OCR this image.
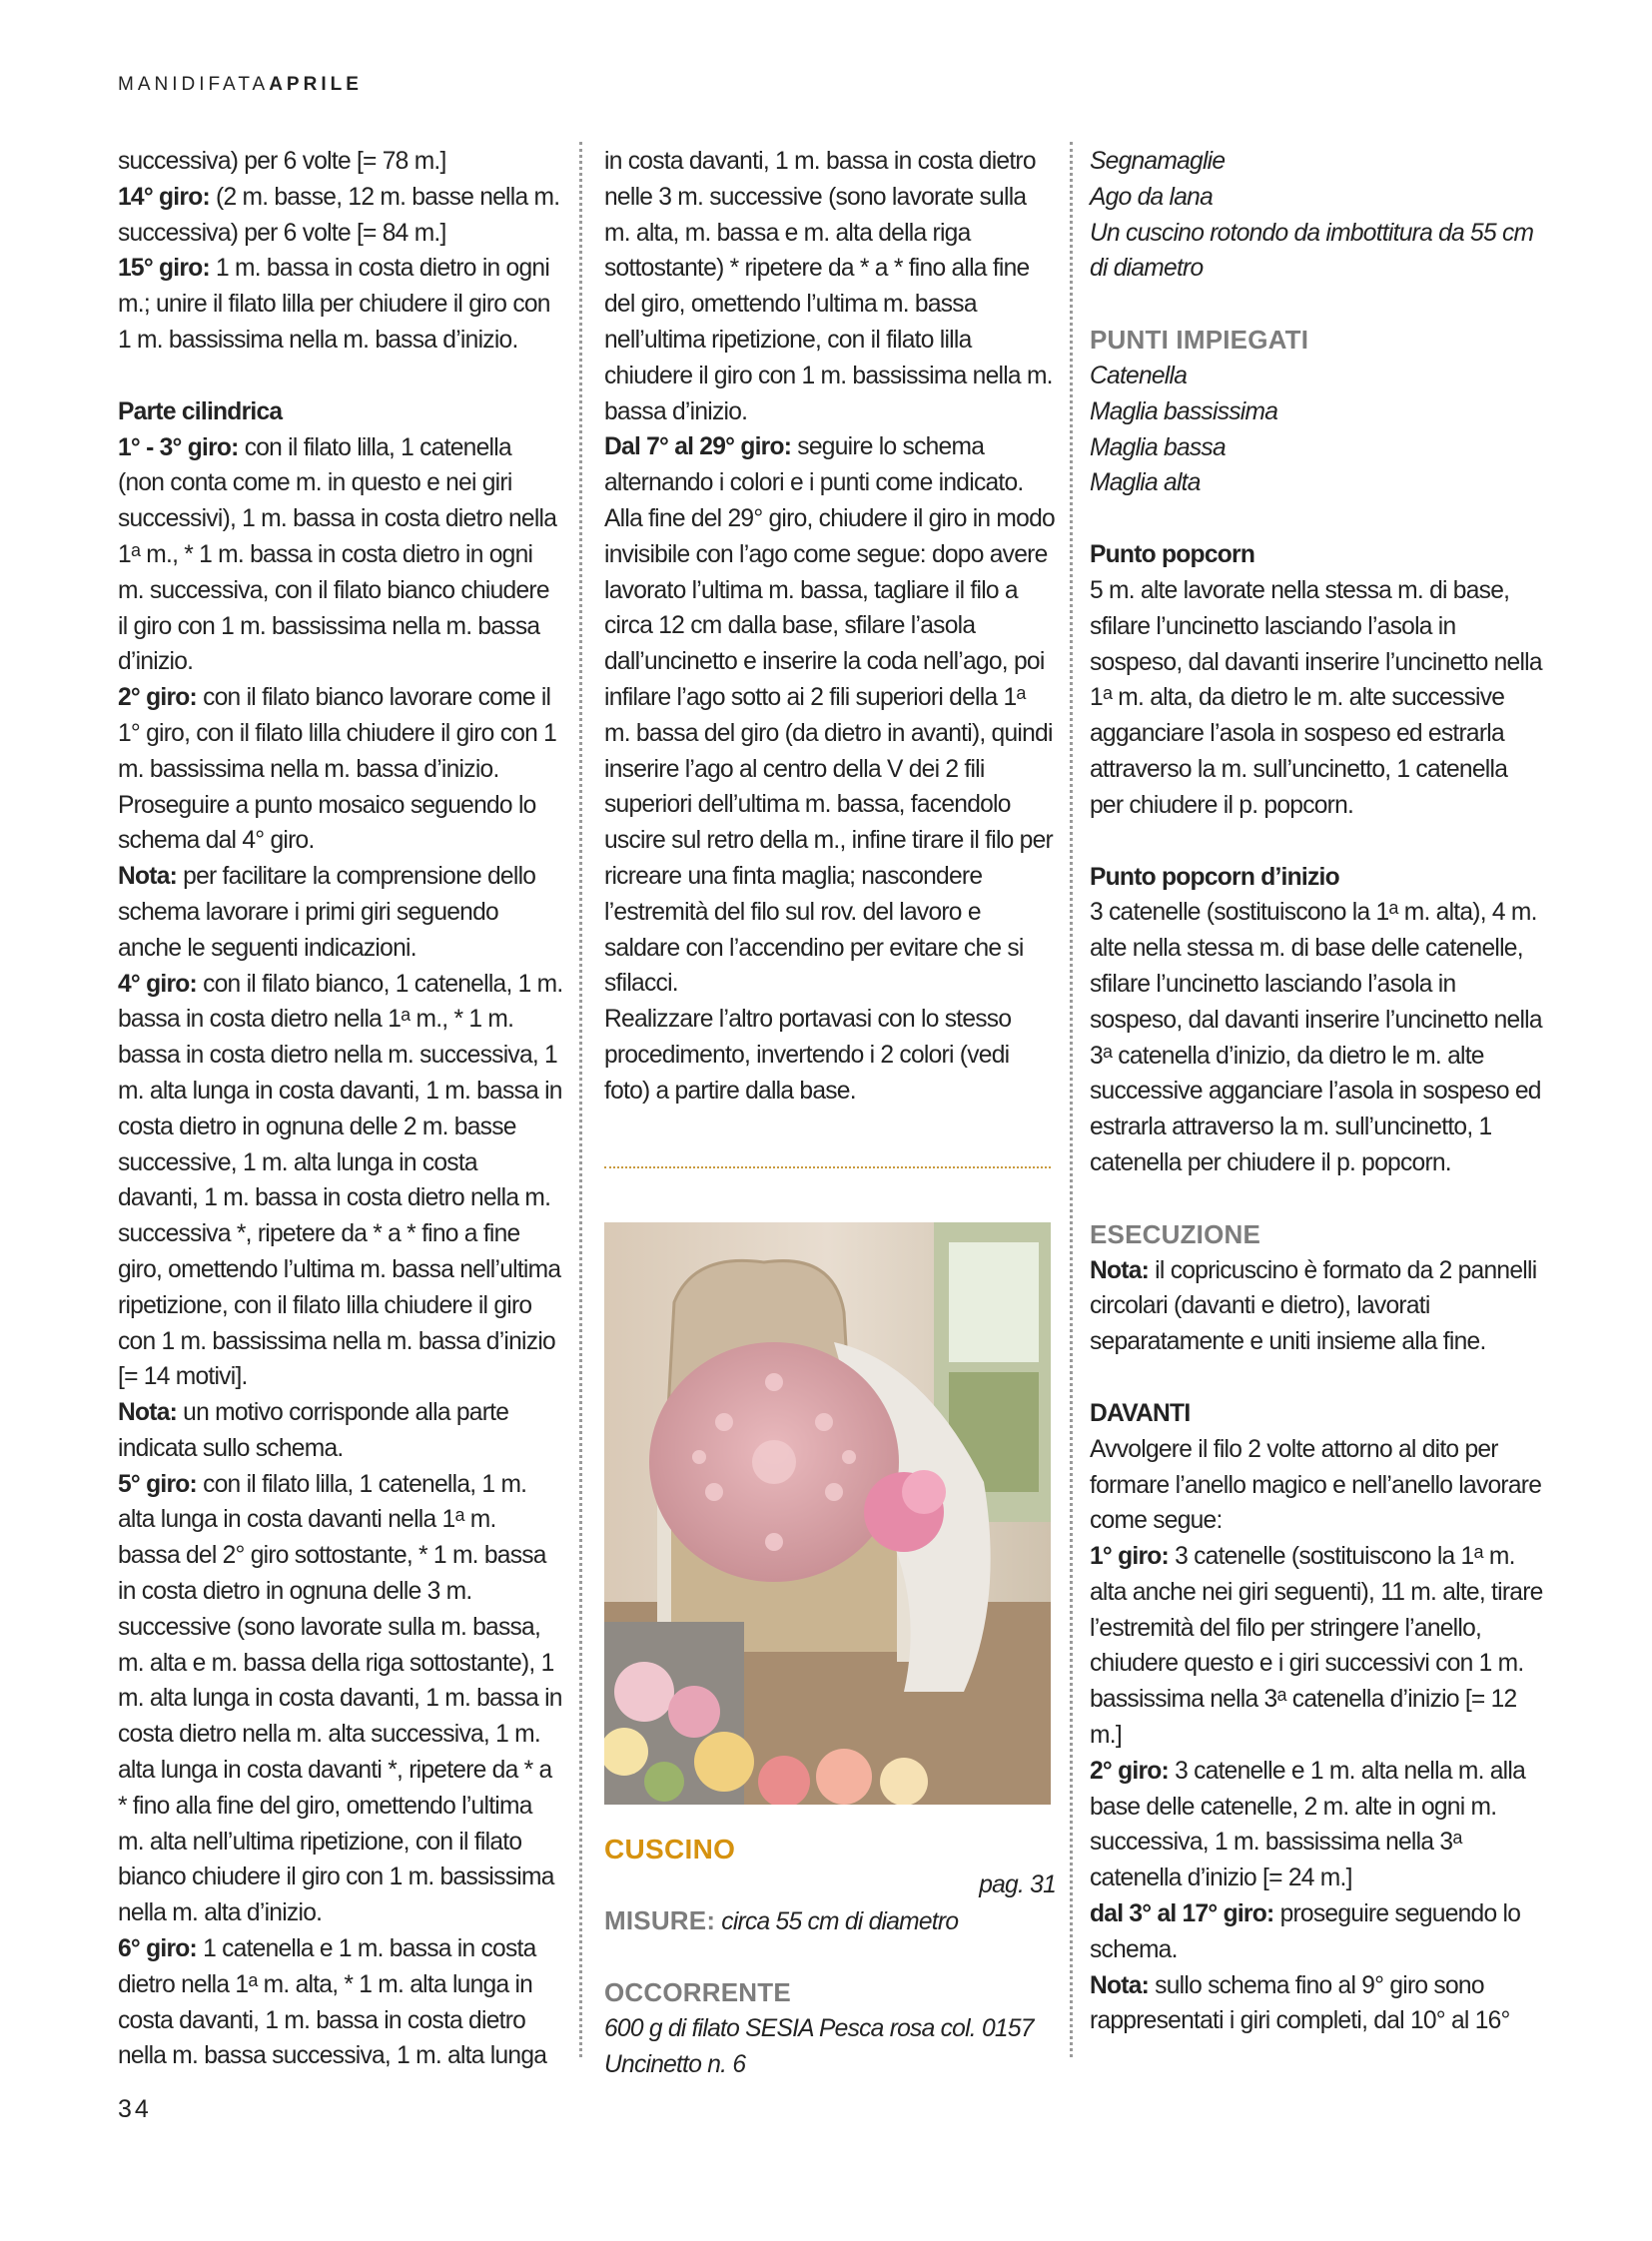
MANIDIFATAAPRILE

successiva) per 6 volte [= 78 m.]

14° giro: (2 m. basse, 12 m. basse nella m. successiva) per 6 volte [= 84 m.]

15° giro: 1 m. bassa in costa dietro in ogni m.; unire il filato lilla per chiudere il giro con 1 m. bassissima nella m. bassa d’inizio.

Parte cilindrica

1° - 3° giro: con il filato lilla, 1 catenella (non conta come m. in questo e nei giri successivi), 1 m. bassa in costa dietro nella 1$^a$ m., * 1 m. bassa in costa dietro in ogni m. successiva, con il filato bianco chiudere il giro con 1 m. bassissima nella m. bassa d’inizio.

2° giro: con il filato bianco lavorare come il 1° giro, con il filato lilla chiudere il giro con 1 m. bassissima nella m. bassa d’inizio.

Proseguire a punto mosaico seguendo lo schema dal 4° giro.

Nota: per facilitare la comprensione dello schema lavorare i primi giri seguendo anche le seguenti indicazioni.

4° giro: con il filato bianco, 1 catenella, 1 m. bassa in costa dietro nella 1$^a$ m., * 1 m. bassa in costa dietro nella m. successiva, 1 m. alta lunga in costa davanti, 1 m. bassa in costa dietro in ognuna delle 2 m. basse successive, 1 m. alta lunga in costa davanti, 1 m. bassa in costa dietro nella m. successiva *, ripetere da * a * fino a fine giro, omettendo l’ultima m. bassa nell’ultima ripetizione, con il filato lilla chiudere il giro con 1 m. bassissima nella m. bassa d’inizio [= 14 motivi].

Nota: un motivo corrisponde alla parte indicata sullo schema.

5° giro: con il filato lilla, 1 catenella, 1 m. alta lunga in costa davanti nella 1$^a$ m. bassa del 2° giro sottostante, * 1 m. bassa in costa dietro in ognuna delle 3 m. successive (sono lavorate sulla m. bassa, m. alta e m. bassa della riga sottostante), 1 m. alta lunga in costa davanti, 1 m. bassa in costa dietro nella m. alta successiva, 1 m. alta lunga in costa davanti *, ripetere da * a * fino alla fine del giro, omettendo l’ultima m. alta nell’ultima ripetizione, con il filato bianco chiudere il giro con 1 m. bassissima nella m. alta d’inizio.

6° giro: 1 catenella e 1 m. bassa in costa dietro nella 1$^a$ m. alta, * 1 m. alta lunga in costa davanti, 1 m. bassa in costa dietro nella m. bassa successiva, 1 m. alta lunga

in costa davanti, 1 m. bassa in costa dietro nelle 3 m. successive (sono lavorate sulla m. alta, m. bassa e m. alta della riga sottostante) * ripetere da * a * fino alla fine del giro, omettendo l’ultima m. bassa nell’ultima ripetizione, con il filato lilla chiudere il giro con 1 m. bassissima nella m. bassa d’inizio.

Dal 7° al 29° giro: seguire lo schema alternando i colori e i punti come indicato. Alla fine del 29° giro, chiudere il giro in modo invisibile con l’ago come segue: dopo avere lavorato l’ultima m. bassa, tagliare il filo a circa 12 cm dalla base, sfilare l’asola dall’uncinetto e inserire la coda nell’ago, poi infilare l’ago sotto ai 2 fili superiori della 1$^a$ m. bassa del giro (da dietro in avanti), quindi inserire l’ago al centro della V dei 2 fili superiori dell’ultima m. bassa, facendolo uscire sul retro della m., infine tirare il filo per ricreare una finta maglia; nascondere l’estremità del filo sul rov. del lavoro e saldare con l’accendino per evitare che si sfilacci.

Realizzare l’altro portavasi con lo stesso procedimento, invertendo i 2 colori (vedi foto) a partire dalla base.

CUSCINO

pag. 31

MISURE: circa 55 cm di diametro

OCCORRENTE

600 g di filato SESIA Pesca rosa col. 0157

Uncinetto n. 6

Segnamaglie

Ago da lana

Un cuscino rotondo da imbottitura da 55 cm di diametro

PUNTI IMPIEGATI

Catenella

Maglia bassissima

Maglia bassa

Maglia alta

Punto popcorn

5 m. alte lavorate nella stessa m. di base, sfilare l’uncinetto lasciando l’asola in sospeso, dal davanti inserire l’uncinetto nella 1$^a$ m. alta, da dietro le m. alte successive agganciare l’asola in sospeso ed estrarla attraverso la m. sull’uncinetto, 1 catenella per chiudere il p. popcorn.

Punto popcorn d’inizio

3 catenelle (sostituiscono la 1$^a$ m. alta), 4 m. alte nella stessa m. di base delle catenelle, sfilare l’uncinetto lasciando l’asola in sospeso, dal davanti inserire l’uncinetto nella 3$^a$ catenella d’inizio, da dietro le m. alte successive agganciare l’asola in sospeso ed estrarla attraverso la m. sull’uncinetto, 1 catenella per chiudere il p. popcorn.

ESECUZIONE

Nota: il copricuscino è formato da 2 pannelli circolari (davanti e dietro), lavorati separatamente e uniti insieme alla fine.

DAVANTI

Avvolgere il filo 2 volte attorno al dito per formare l’anello magico e nell’anello lavorare come segue:

1° giro: 3 catenelle (sostituiscono la 1$^a$ m. alta anche nei giri seguenti), 11 m. alte, tirare l’estremità del filo per stringere l’anello, chiudere questo e i giri successivi con 1 m. bassissima nella 3$^a$ catenella d’inizio [= 12 m.]

2° giro: 3 catenelle e 1 m. alta nella m. alla base delle catenelle, 2 m. alte in ogni m. successiva, 1 m. bassissima nella 3$^a$ catenella d’inizio [= 24 m.]

dal 3° al 17° giro: proseguire seguendo lo schema.

Nota: sullo schema fino al 9° giro sono rappresentati i giri completi, dal 10° al 16°

34
